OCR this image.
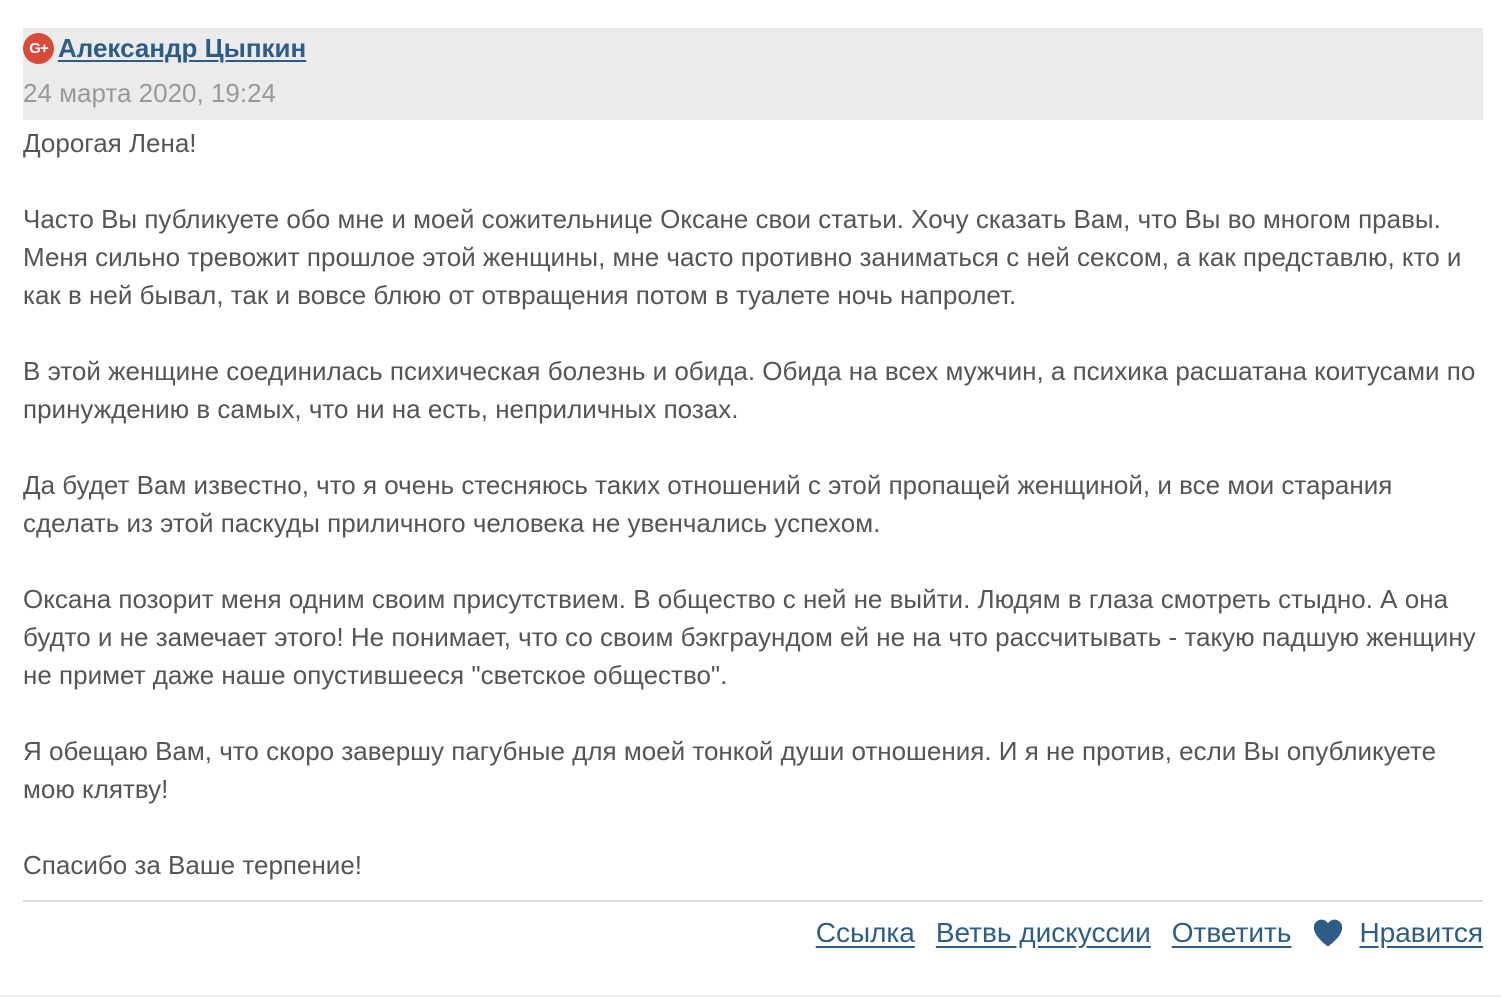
G+ Александр Цыпкин
24 марта 2020, 19:24

Дорогая Лена!

Часто Вы публикуете обо мне и моей сожительнице Оксане свои статьи. Хочу сказать Вам, что Вы во многом правы. Меня сильно тревожит прошлое этой женщины, мне часто противно заниматься с ней сексом, а как представлю, кто и как в ней бывал, так и вовсе блюю от отвращения потом в туалете ночь напролет.

В этой женщине соединилась психическая болезнь и обида. Обида на всех мужчин, а психика расшатана коитусами по принуждению в самых, что ни на есть, неприличных позах.

Да будет Вам известно, что я очень стесняюсь таких отношений с этой пропащей женщиной, и все мои старания сделать из этой паскуды приличного человека не увенчались успехом.

Оксана позорит меня одним своим присутствием. В общество с ней не выйти. Людям в глаза смотреть стыдно. А она будто и не замечает этого! Не понимает, что со своим бэкграундом ей не на что рассчитывать - такую падшую женщину не примет даже наше опустившееся "светское общество".

Я обещаю Вам, что скоро завершу пагубные для моей тонкой души отношения. И я не против, если Вы опубликуете мою клятву!

Спасибо за Ваше терпение!

Ссылка Ветвь дискуссии Ответить Нравится
